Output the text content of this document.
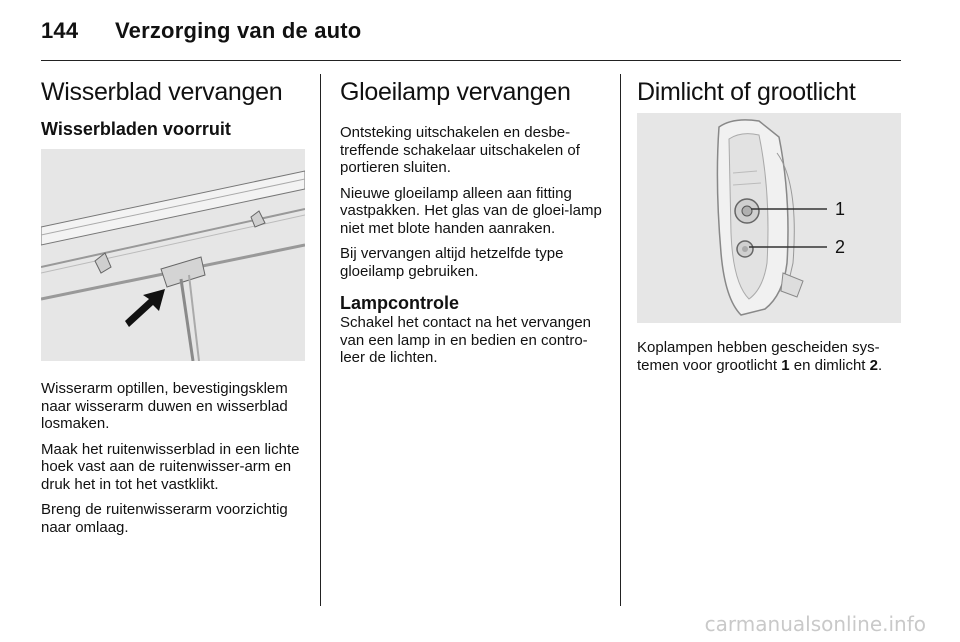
144 Verzorging van de auto
Wisserblad vervangen
Wisserbladen voorruit

Wisserarm optillen, bevestigingsklem naar wisserarm duwen en wisserblad losmaken.

Maak het ruitenwisserblad in een lichte hoek vast aan de ruitenwisser-arm en druk het in tot het vastklikt.

Breng de ruitenwisserarm voorzichtig naar omlaag.

Gloeilamp vervangen

Ontsteking uitschakelen en desbe-treffende schakelaar uitschakelen of portieren sluiten.

Nieuwe gloeilamp alleen aan fitting vastpakken. Het glas van de gloei-lamp niet met blote handen aanraken.

Bij vervangen altijd hetzelfde type gloeilamp gebruiken.

Lampcontrole

Schakel het contact na het vervangen van een lamp in en bedien en contro-leer de lichten.

Dimlicht of grootlicht
1
2

Koplampen hebben gescheiden sys-temen voor grootlicht 1 en dimlicht 2.

carmanualsonline.info
